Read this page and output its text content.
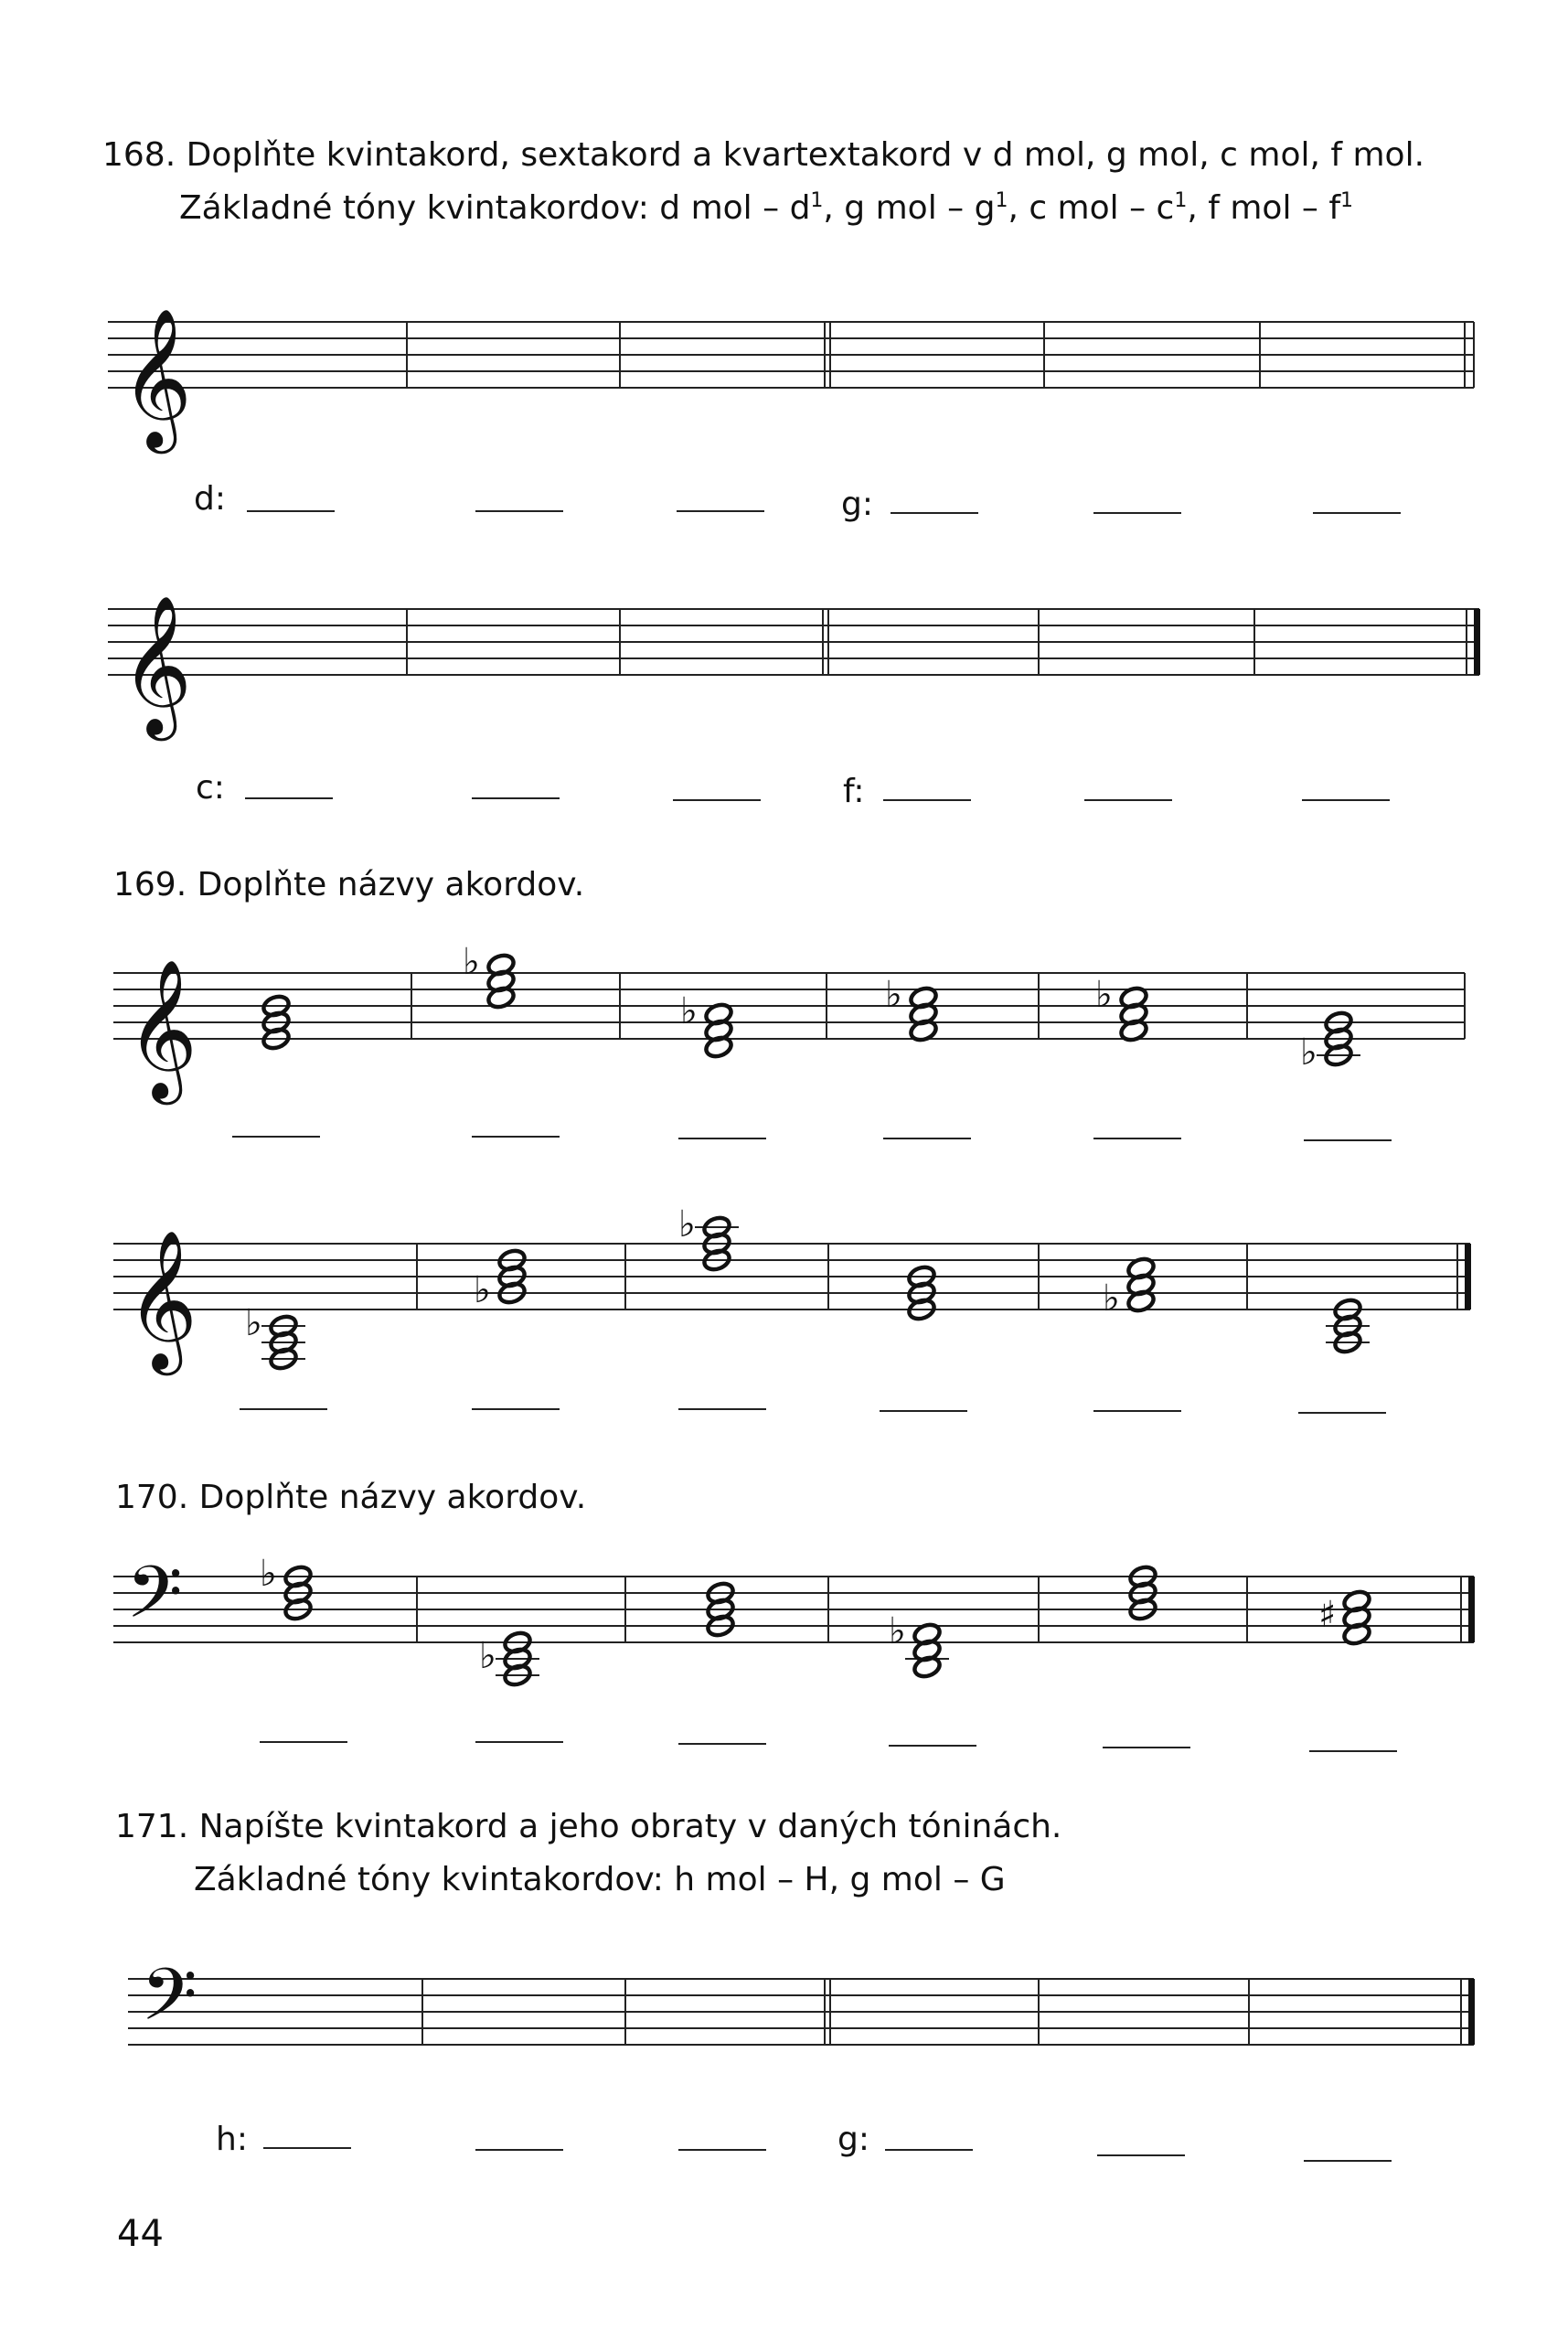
168. Doplňte kvintakord, sextakord a kvartextakord v d mol, g mol, c mol, f mol.
Základné tóny kvintakordov: d mol – $d^1$, g mol – $g^1$, c mol – $c^1$, f mol – $f^1$
d:	g:
c:	f:
169. Doplňte názvy akordov.
170. Doplňte názvy akordov.
171. Napíšte kvintakord a jeho obraty v daných tóninách.
Základné tóny kvintakordov: h mol – H, g mol – G
h:	g:
44
𝄞
𝄞
𝄞
𝄞
𝄢
𝄢
♭
♭	♭	♭
♭
♭
♭
♭
♭
♭
♭
♭	♯
